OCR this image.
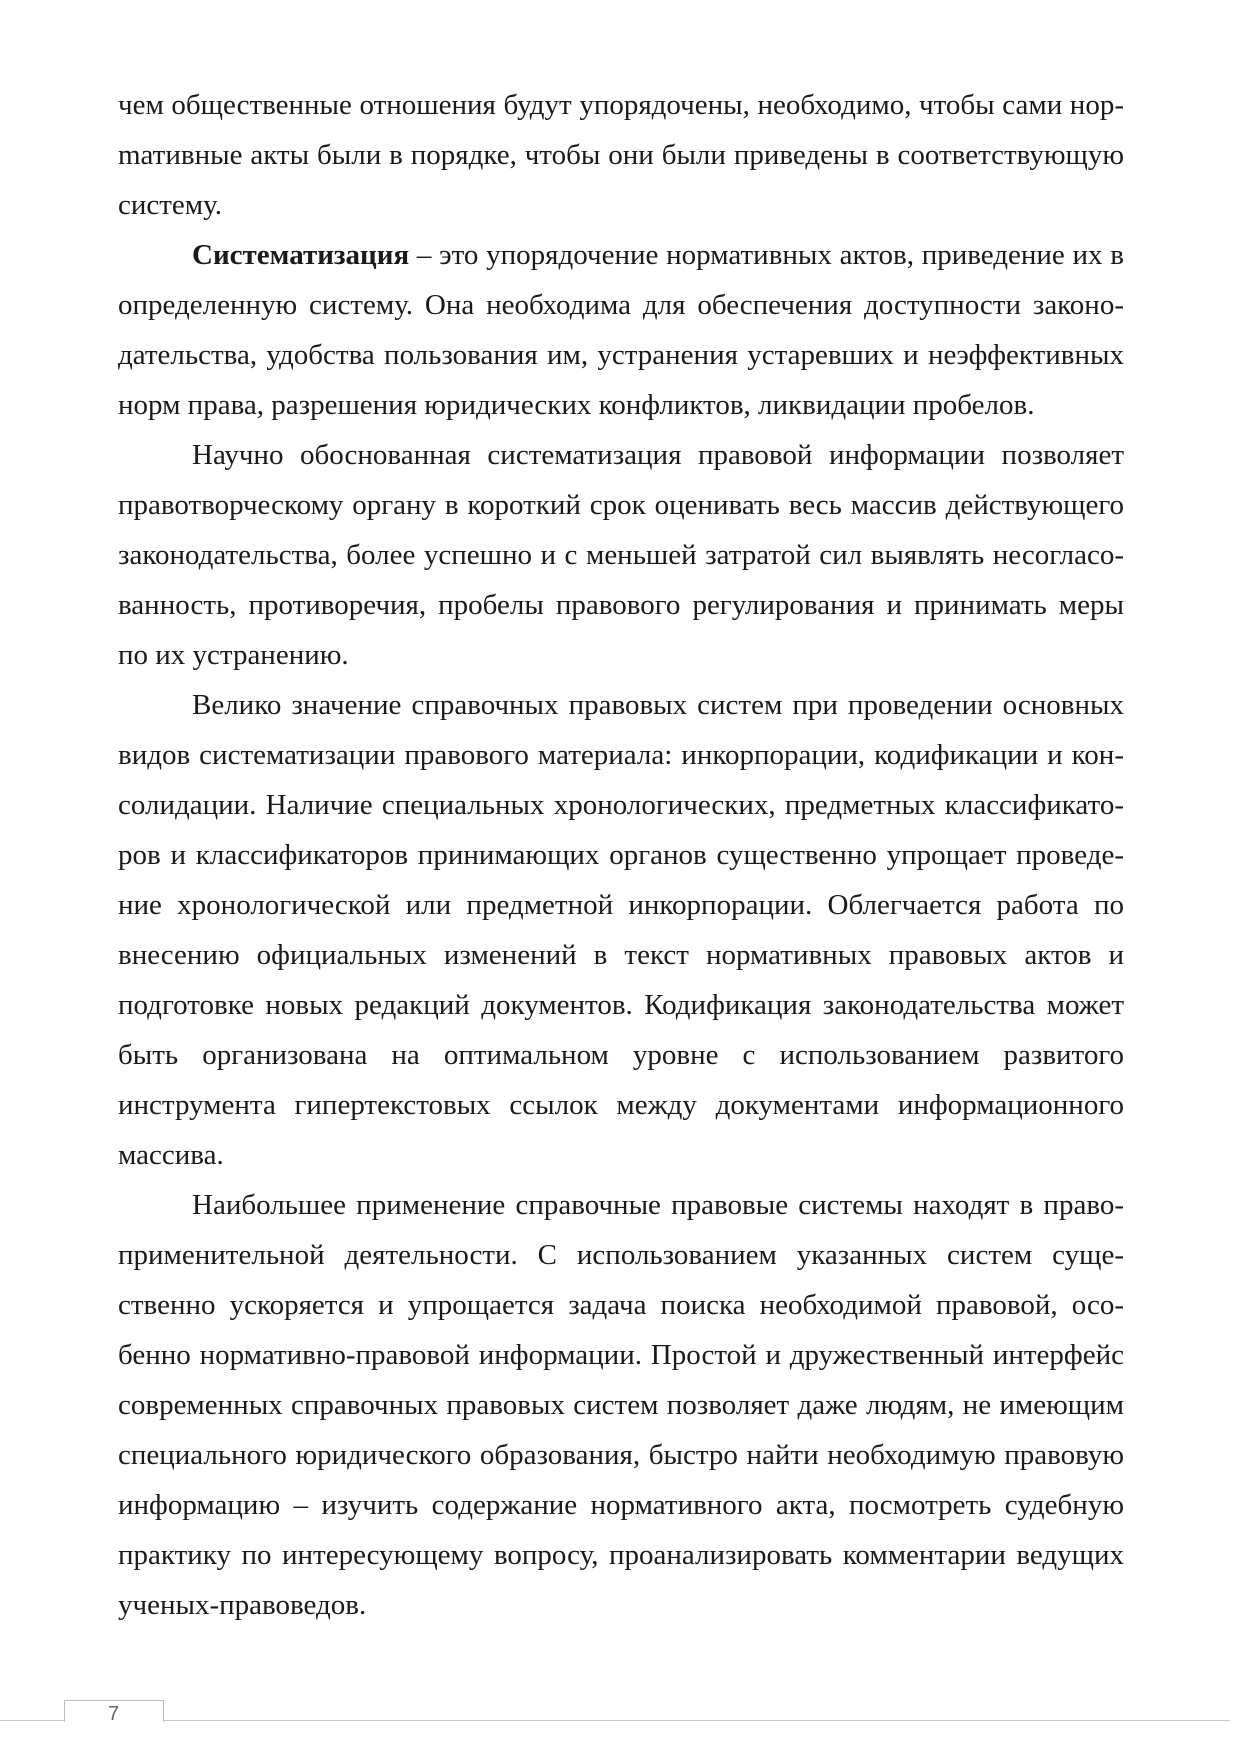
чем общественные отношения будут упорядочены, необходимо, чтобы сами норmативные акты были в порядке, чтобы они были приведены в соответствующую систему.

Систематизация – это упорядочение нормативных актов, приведение их в определенную систему. Она необходима для обеспечения доступности законодательства, удобства пользования им, устранения устаревших и неэффективных норм права, разрешения юридических конфликтов, ликвидации пробелов.

Научно обоснованная систематизация правовой информации позволяет правотворческому органу в короткий срок оценивать весь массив действующего законодательства, более успешно и с меньшей затратой сил выявлять несогласованность, противоречия, пробелы правового регулирования и принимать меры по их устранению.

Велико значение справочных правовых систем при проведении основных видов систематизации правового материала: инкорпорации, кодификации и консолидации. Наличие специальных хронологических, предметных классификаторов и классификаторов принимающих органов существенно упрощает проведение хронологической или предметной инкорпорации. Облегчается работа по внесению официальных изменений в текст нормативных правовых актов и подготовке новых редакций документов. Кодификация законодательства может быть организована на оптимальном уровне с использованием развитого инструмента гипертекстовых ссылок между документами информационного массива.

Наибольшее применение справочные правовые системы находят в правоприменительной деятельности. С использованием указанных систем существенно ускоряется и упрощается задача поиска необходимой правовой, особенно нормативно-правовой информации. Простой и дружественный интерфейс современных справочных правовых систем позволяет даже людям, не имеющим специального юридического образования, быстро найти необходимую правовую информацию – изучить содержание нормативного акта, посмотреть судебную практику по интересующему вопросу, проанализировать комментарии ведущих ученых-правоведов.

7
